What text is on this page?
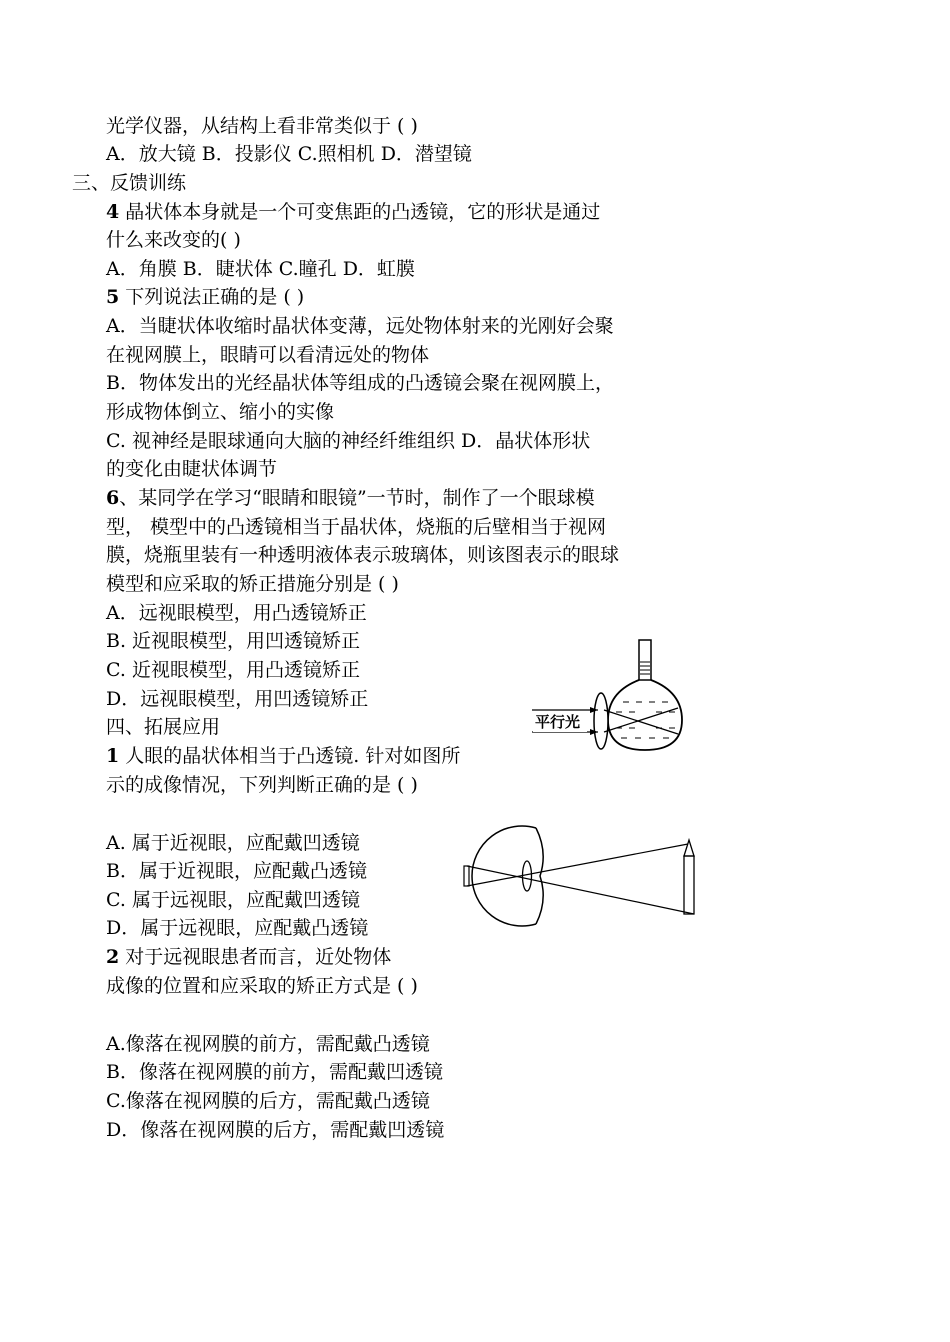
光学仪器，从结构上看非常类似于 ( )
A．放大镜 B．投影仪 C.照相机 D．潜望镜
三、反馈训练
4 晶状体本身就是一个可变焦距的凸透镜，它的形状是通过
什么来改变的( )
A．角膜 B．睫状体 C.瞳孔 D．虹膜
5 下列说法正确的是 ( )
A．当睫状体收缩时晶状体变薄，远处物体射来的光刚好会聚
在视网膜上，眼睛可以看清远处的物体
B．物体发出的光经晶状体等组成的凸透镜会聚在视网膜上，
形成物体倒立、缩小的实像
C. 视神经是眼球通向大脑的神经纤维组织 D．晶状体形状
的变化由睫状体调节
6、某同学在学习“眼睛和眼镜”一节时，制作了一个眼球模
型， 模型中的凸透镜相当于晶状体，烧瓶的后壁相当于视网
膜，烧瓶里装有一种透明液体表示玻璃体，则该图表示的眼球
模型和应采取的矫正措施分别是 ( )
A．远视眼模型，用凸透镜矫正
B. 近视眼模型，用凹透镜矫正
C. 近视眼模型，用凸透镜矫正
D．远视眼模型，用凹透镜矫正
平行光
四、拓展应用
1 人眼的晶状体相当于凸透镜. 针对如图所
示的成像情况，下列判断正确的是 ( )
A. 属于近视眼，应配戴凹透镜
B．属于近视眼，应配戴凸透镜
C. 属于远视眼，应配戴凹透镜
D．属于远视眼，应配戴凸透镜
2 对于远视眼患者而言，近处物体
成像的位置和应采取的矫正方式是 ( )
A.像落在视网膜的前方，需配戴凸透镜
B．像落在视网膜的前方，需配戴凹透镜
C.像落在视网膜的后方，需配戴凸透镜
D．像落在视网膜的后方，需配戴凹透镜
